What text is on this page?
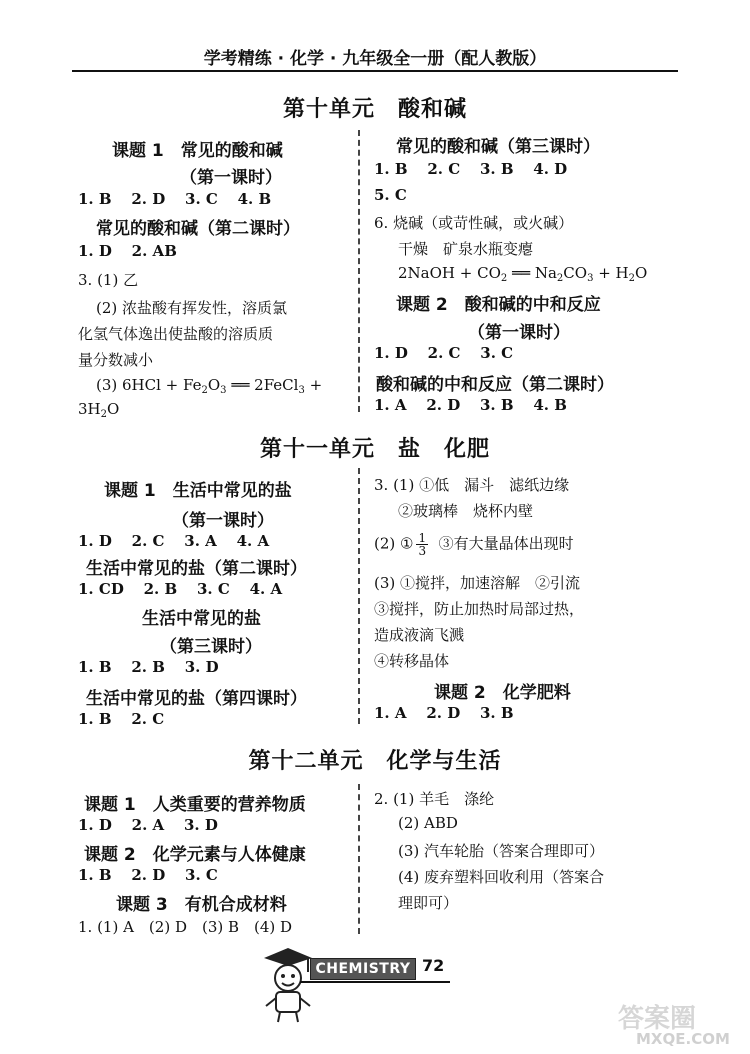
学考精练 · 化学 · 九年级全一册（配人教版）
第十单元　酸和碱
课题 1　常见的酸和碱
（第一课时）
1. B  2. D  3. C  4. B
常见的酸和碱（第二课时）
1. D  2. AB
3. (1) 乙
(2) 浓盐酸有挥发性，溶质氯
化氢气体逸出使盐酸的溶质质
量分数减小
(3) $6HCl + Fe_2O_3$ ══ 2FeCl$_3$ +
$3H_2O$
常见的酸和碱（第三课时）
1. B  2. C  3. B  4. D
5. C
6. 烧碱（或苛性碱，或火碱）
干燥　矿泉水瓶变瘪
2NaOH + $CO_2$ ══ $Na_2CO_3 + H_2O$
课题 2　酸和碱的中和反应
（第一课时）
1. D  2. C  3. C
酸和碱的中和反应（第二课时）
1. A  2. D  3. B  4. B
第十一单元　盐　化肥
课题 1　生活中常见的盐
（第一课时）
1. D  2. C  3. A  4. A
生活中常见的盐（第二课时）
1. CD  2. B  3. C  4. A
生活中常见的盐
（第三课时）
1. B  2. B  3. D
生活中常见的盐（第四课时）
1. B  2. C
3. (1) ①低　漏斗　滤纸边缘
②玻璃棒　烧杯内壁
(2) ① $\frac{1}{3}$
  ③有大量晶体出现时
(3) ①搅拌，加速溶解　②引流
③搅拌，防止加热时局部过热，
造成液滴飞溅
④转移晶体
课题 2　化学肥料
1. A  2. D  3. B
第十二单元　化学与生活
课题 1　人类重要的营养物质
1. D  2. A  3. D
课题 2　化学元素与人体健康
1. B  2. D  3. C
课题 3　有机合成材料
1. (1) A　(2) D　(3) B　(4) D
2. (1) 羊毛　涤纶
(2) ABD
(3) 汽车轮胎（答案合理即可）
(4) 废弃塑料回收利用（答案合
理即可）
CHEMISTRY 72
答案圈
MXQE.COM
